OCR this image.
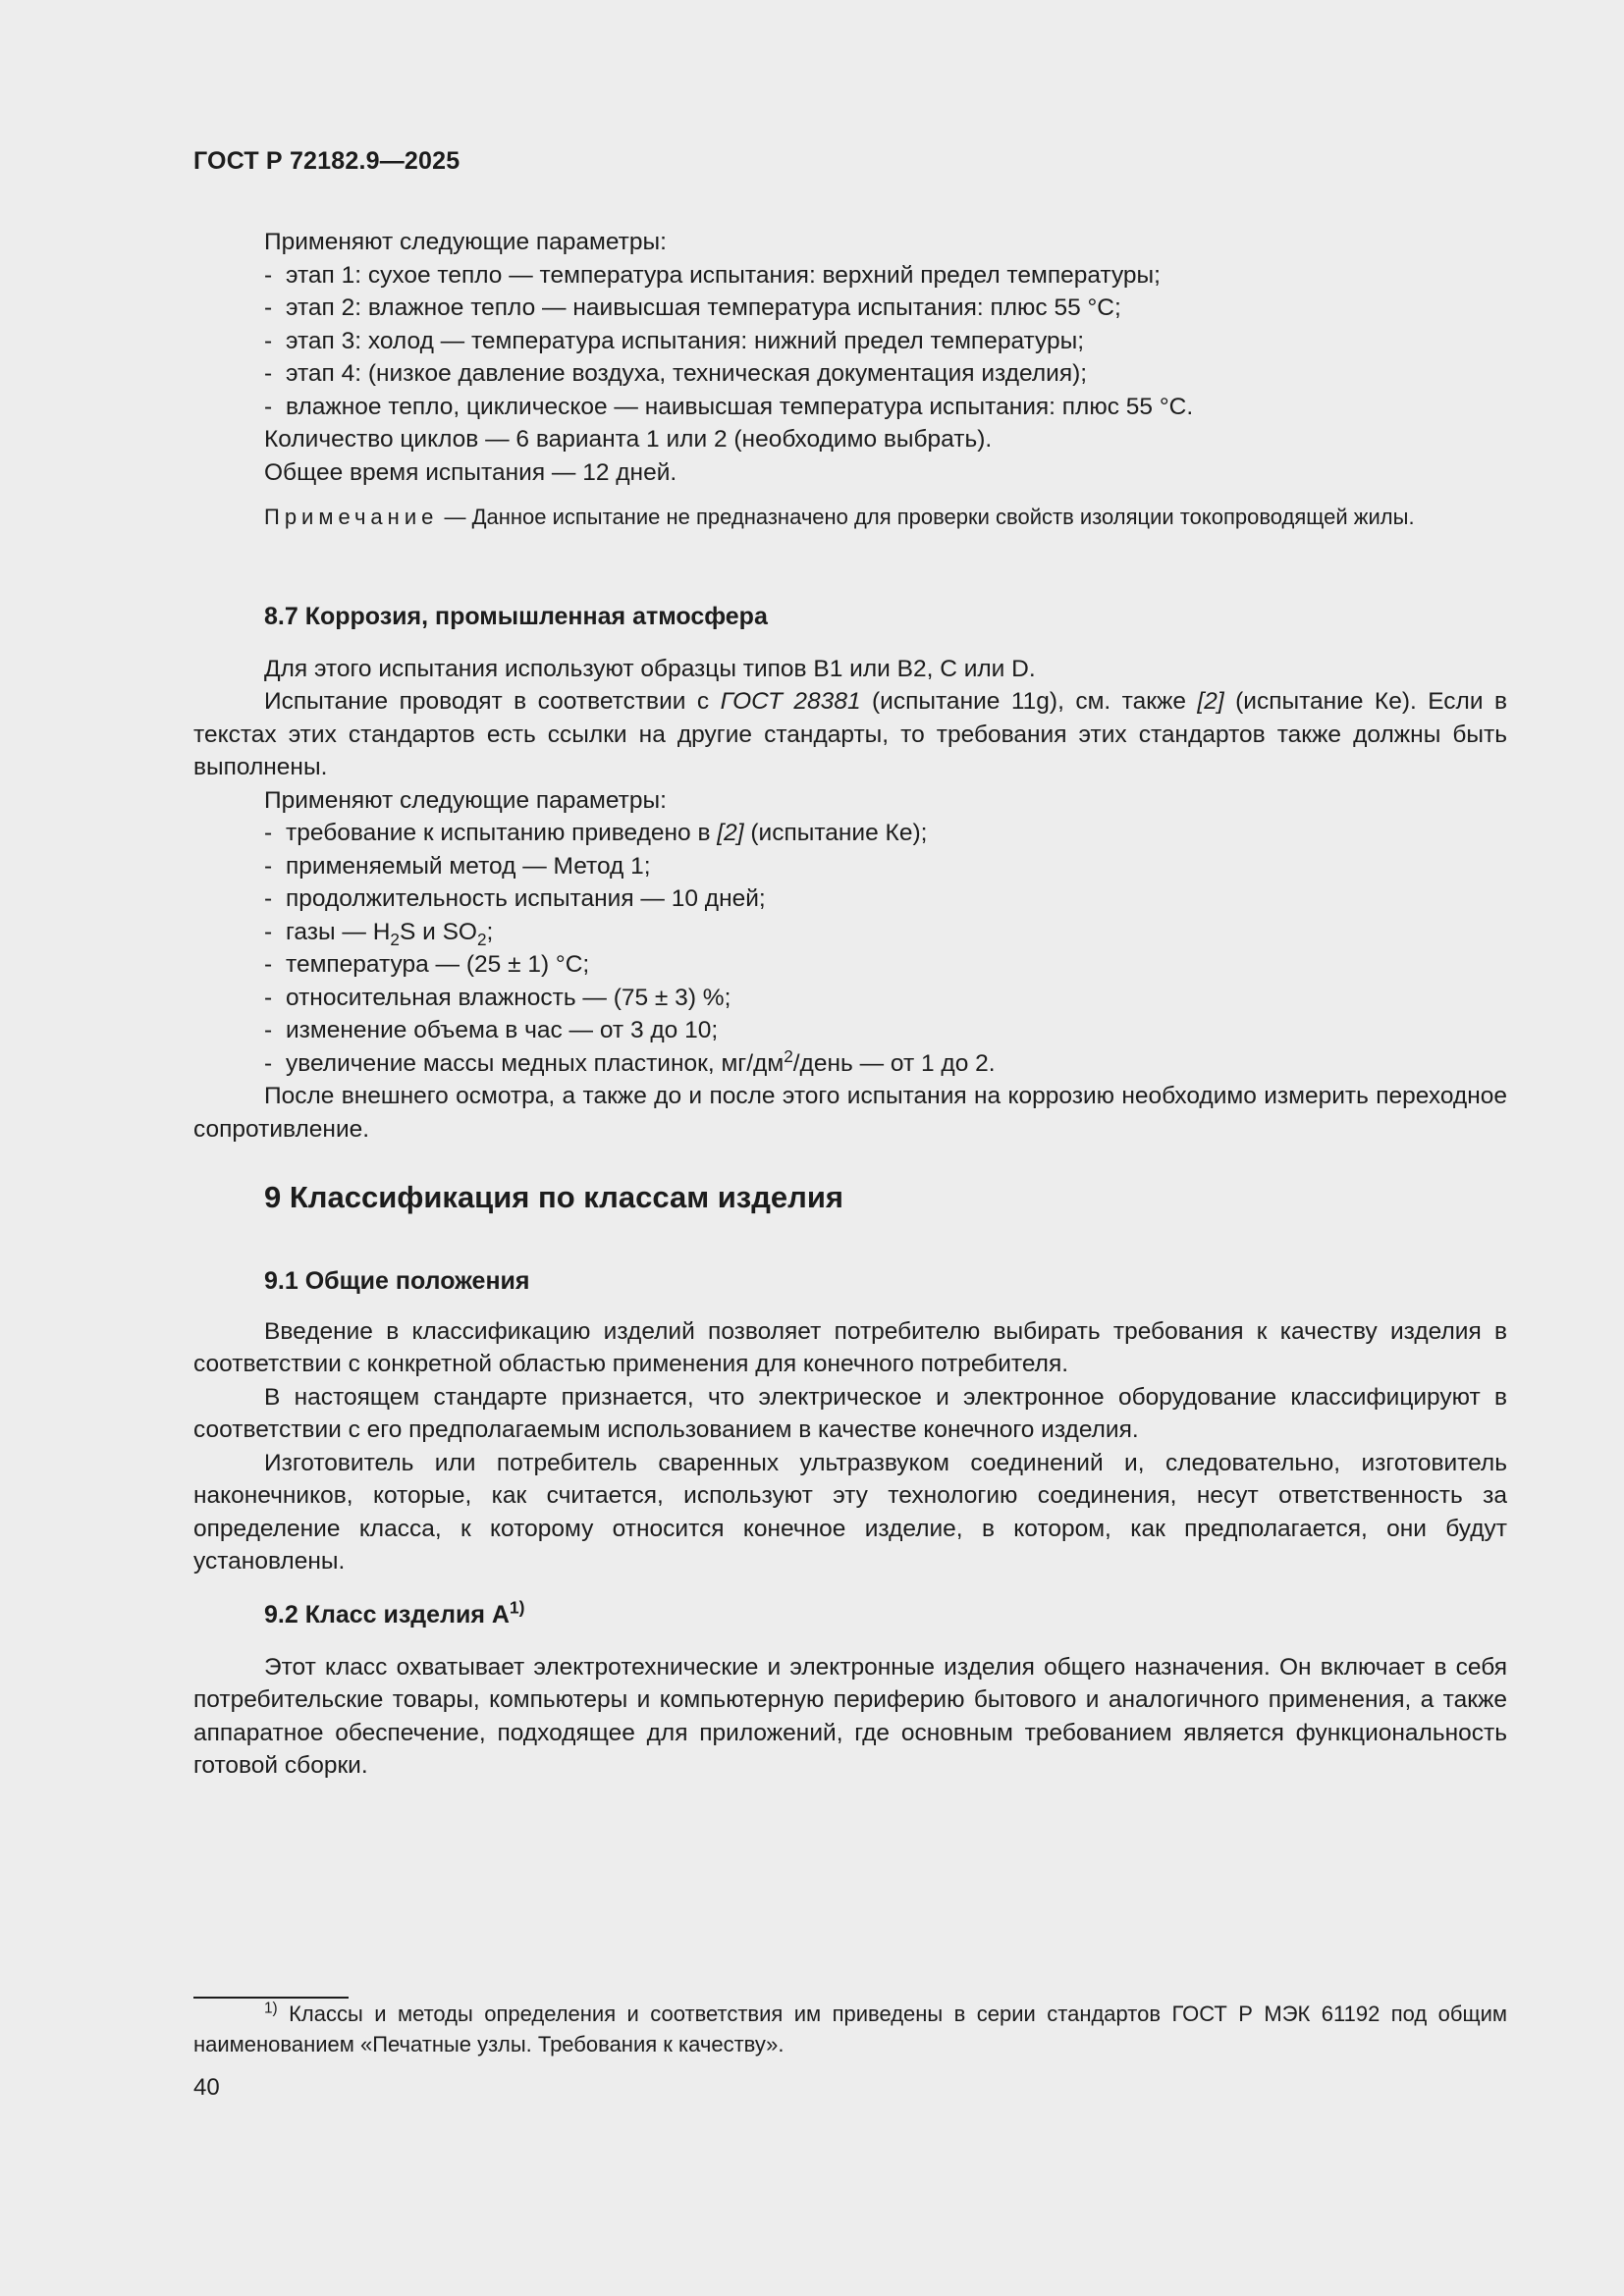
ГОСТ Р 72182.9—2025

Применяют следующие параметры:

- этап 1: сухое тепло — температура испытания: верхний предел температуры;

- этап 2: влажное тепло — наивысшая температура испытания: плюс 55 °С;

- этап 3: холод — температура испытания: нижний предел температуры;

- этап 4: (низкое давление воздуха, техническая документация изделия);

- влажное тепло, циклическое — наивысшая температура испытания: плюс 55 °С.

Количество циклов — 6 варианта 1 или 2 (необходимо выбрать).

Общее время испытания — 12 дней.

Примечание — Данное испытание не предназначено для проверки свойств изоляции токопроводящей жилы.

8.7 Коррозия, промышленная атмосфера

Для этого испытания используют образцы типов В1 или В2, С или D.

Испытание проводят в соответствии с ГОСТ 28381 (испытание 11g), см. также [2] (испытание Ке). Если в текстах этих стандартов есть ссылки на другие стандарты, то требования этих стандартов также должны быть выполнены.

Применяют следующие параметры:

- требование к испытанию приведено в [2] (испытание Ке);

- применяемый метод — Метод 1;

- продолжительность испытания — 10 дней;

- газы — $Н_2S$ и $SO_2$;

- температура — (25 ± 1) °С;

- относительная влажность — (75 ± 3) %;

- изменение объема в час — от 3 до 10;

- увеличение массы медных пластинок, $мг/дм^2$/день — от 1 до 2.

После внешнего осмотра, а также до и после этого испытания на коррозию необходимо измерить переходное сопротивление.

9 Классификация по классам изделия
9.1 Общие положения

Введение в классификацию изделий позволяет потребителю выбирать требования к качеству изделия в соответствии с конкретной областью применения для конечного потребителя.

В настоящем стандарте признается, что электрическое и электронное оборудование классифицируют в соответствии с его предполагаемым использованием в качестве конечного изделия.

Изготовитель или потребитель сваренных ультразвуком соединений и, следовательно, изготовитель наконечников, которые, как считается, используют эту технологию соединения, несут ответственность за определение класса, к которому относится конечное изделие, в котором, как предполагается, они будут установлены.

9.2 Класс изделия $А^{1)}$

Этот класс охватывает электротехнические и электронные изделия общего назначения. Он включает в себя потребительские товары, компьютеры и компьютерную периферию бытового и аналогичного применения, а также аппаратное обеспечение, подходящее для приложений, где основным требованием является функциональность готовой сборки.

$^{1)}$ Классы и методы определения и соответствия им приведены в серии стандартов ГОСТ Р МЭК 61192 под общим наименованием «Печатные узлы. Требования к качеству».

40
